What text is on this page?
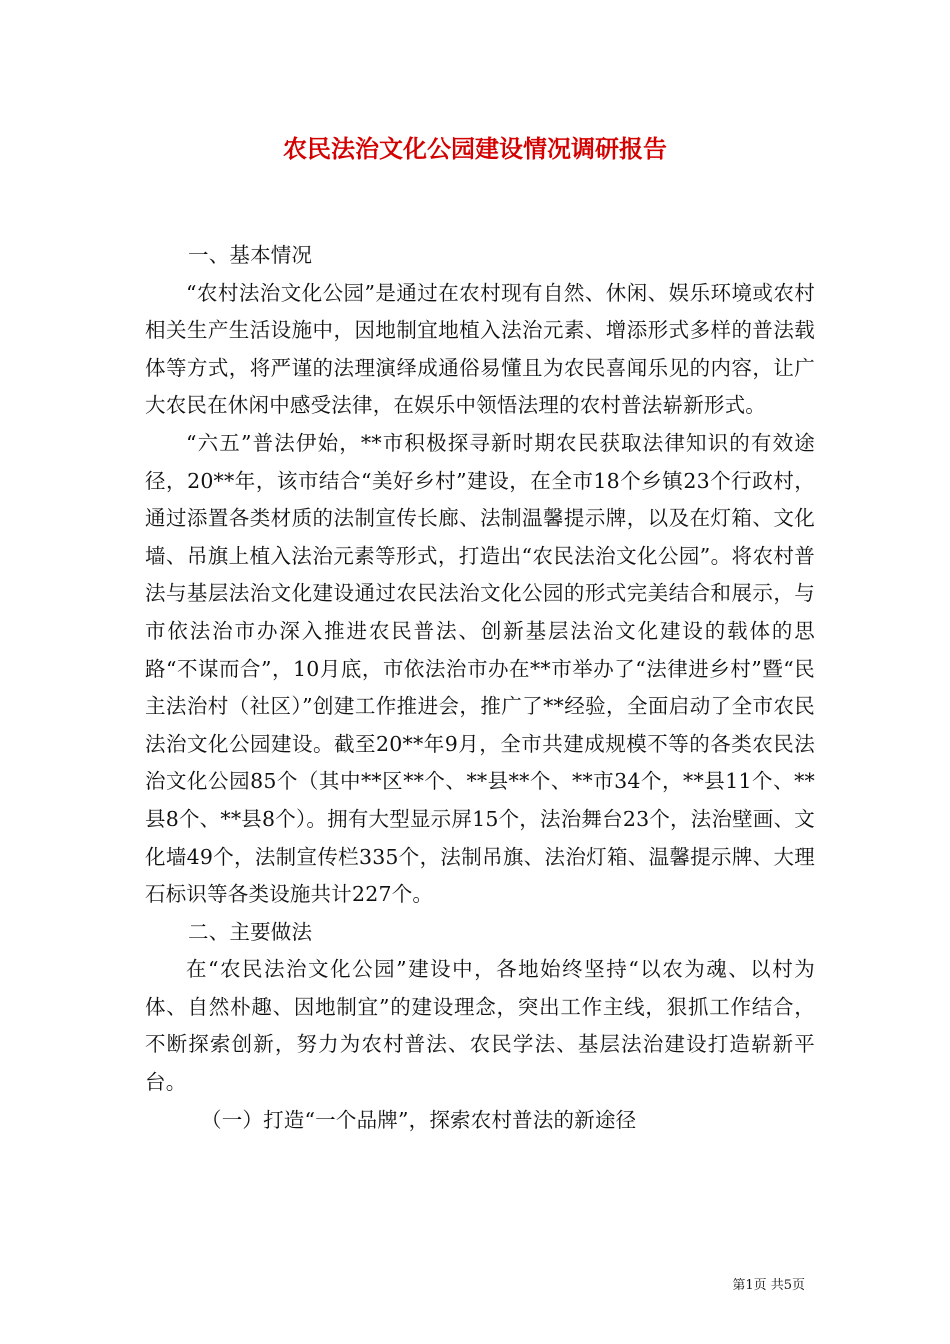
农民法治文化公园建设情况调研报告

一、基本情况

“农村法治文化公园”是通过在农村现有自然、休闲、娱乐环境或农村相关生产生活设施中，因地制宜地植入法治元素、增添形式多样的普法载体等方式，将严谨的法理演绎成通俗易懂且为农民喜闻乐见的内容，让广大农民在休闲中感受法律，在娱乐中领悟法理的农村普法崭新形式。

“六五”普法伊始，**市积极探寻新时期农民获取法律知识的有效途径，20**年，该市结合“美好乡村”建设，在全市18个乡镇23个行政村，通过添置各类材质的法制宣传长廊、法制温馨提示牌，以及在灯箱、文化墙、吊旗上植入法治元素等形式，打造出“农民法治文化公园”。将农村普法与基层法治文化建设通过农民法治文化公园的形式完美结合和展示，与市依法治市办深入推进农民普法、创新基层法治文化建设的载体的思路“不谋而合”，10月底，市依法治市办在**市举办了“法律进乡村”暨“民主法治村（社区）”创建工作推进会，推广了**经验，全面启动了全市农民法治文化公园建设。截至20**年9月，全市共建成规模不等的各类农民法治文化公园85个（其中**区**个、**县**个、**市34个，**县11个、**县8个、**县8个）。拥有大型显示屏15个，法治舞台23个，法治壁画、文化墙49个，法制宣传栏335个，法制吊旗、法治灯箱、温馨提示牌、大理石标识等各类设施共计227个。

二、主要做法

在“农民法治文化公园”建设中，各地始终坚持“以农为魂、以村为体、自然朴趣、因地制宜”的建设理念，突出工作主线，狠抓工作结合，不断探索创新，努力为农村普法、农民学法、基层法治建设打造崭新平台。

（一）打造“一个品牌”，探索农村普法的新途径

第1页 共5页
